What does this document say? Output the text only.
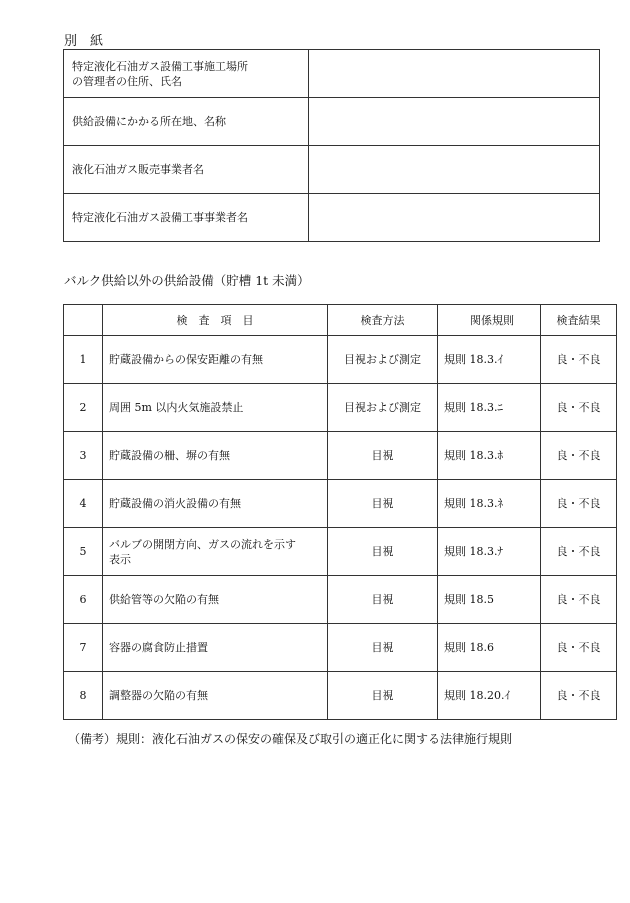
別　紙
特定液化石油ガス設備工事施工場所
の管理者の住所、氏名	
供給設備にかかる所在地、名称	
液化石油ガス販売事業者名	
特定液化石油ガス設備工事事業者名	
バルク供給以外の供給設備（貯槽 1t 未満）
	検　査　項　目	検査方法	関係規則	検査結果
1	貯蔵設備からの保安距離の有無	目視および測定	規則 18.3.ｲ	良・不良
2	周囲 5m 以内火気施設禁止	目視および測定	規則 18.3.ﾆ	良・不良
3	貯蔵設備の柵、塀の有無	目視	規則 18.3.ﾎ	良・不良
4	貯蔵設備の消火設備の有無	目視	規則 18.3.ﾈ	良・不良
5	バルブの開閉方向、ガスの流れを示す
表示	目視	規則 18.3.ﾅ	良・不良
6	供給管等の欠陥の有無	目視	規則 18.5	良・不良
7	容器の腐食防止措置	目視	規則 18.6	良・不良
8	調整器の欠陥の有無	目視	規則 18.20.ｲ	良・不良
（備考）規則：液化石油ガスの保安の確保及び取引の適正化に関する法律施行規則
